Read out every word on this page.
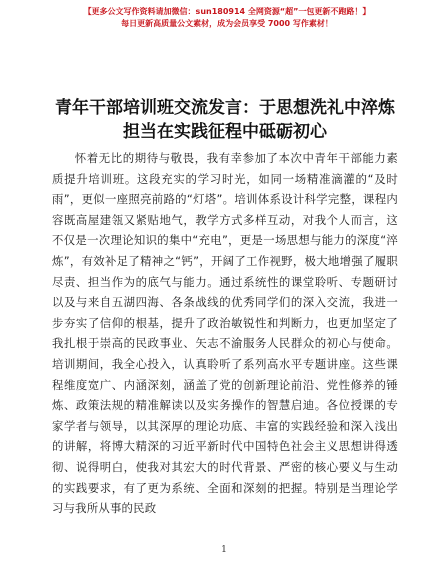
【更多公文写作资料请加微信：sun180914 全网资源“超”一包更新不跑路！】
每日更新高质量公文素材，成为会员享受 7000 写作素材！
青年干部培训班交流发言：于思想洗礼中淬炼
担当在实践征程中砥砺初心

怀着无比的期待与敬畏，我有幸参加了本次中青年干部能力素质提升培训班。这段充实的学习时光，如同一场精准滴灌的“及时雨”，更似一座照亮前路的“灯塔”。培训体系设计科学完整，课程内容既高屋建瓴又紧贴地气，教学方式多样互动，对我个人而言，这不仅是一次理论知识的集中“充电”，更是一场思想与能力的深度“淬炼”，有效补足了精神之“钙”，开阔了工作视野，极大地增强了履职尽责、担当作为的底气与能力。通过系统性的课堂聆听、专题研讨以及与来自五湖四海、各条战线的优秀同学们的深入交流，我进一步夯实了信仰的根基，提升了政治敏锐性和判断力，也更加坚定了我扎根于崇高的民政事业、矢志不渝服务人民群众的初心与使命。培训期间，我全心投入，认真聆听了系列高水平专题讲座。这些课程维度宽广、内涵深刻，涵盖了党的创新理论前沿、党性修养的锤炼、政策法规的精准解读以及实务操作的智慧启迪。各位授课的专家学者与领导，以其深厚的理论功底、丰富的实践经验和深入浅出的讲解，将博大精深的习近平新时代中国特色社会主义思想讲得透彻、说得明白，使我对其宏大的时代背景、严密的核心要义与生动的实践要求，有了更为系统、全面和深刻的把握。特别是当理论学习与我所从事的民政

1
